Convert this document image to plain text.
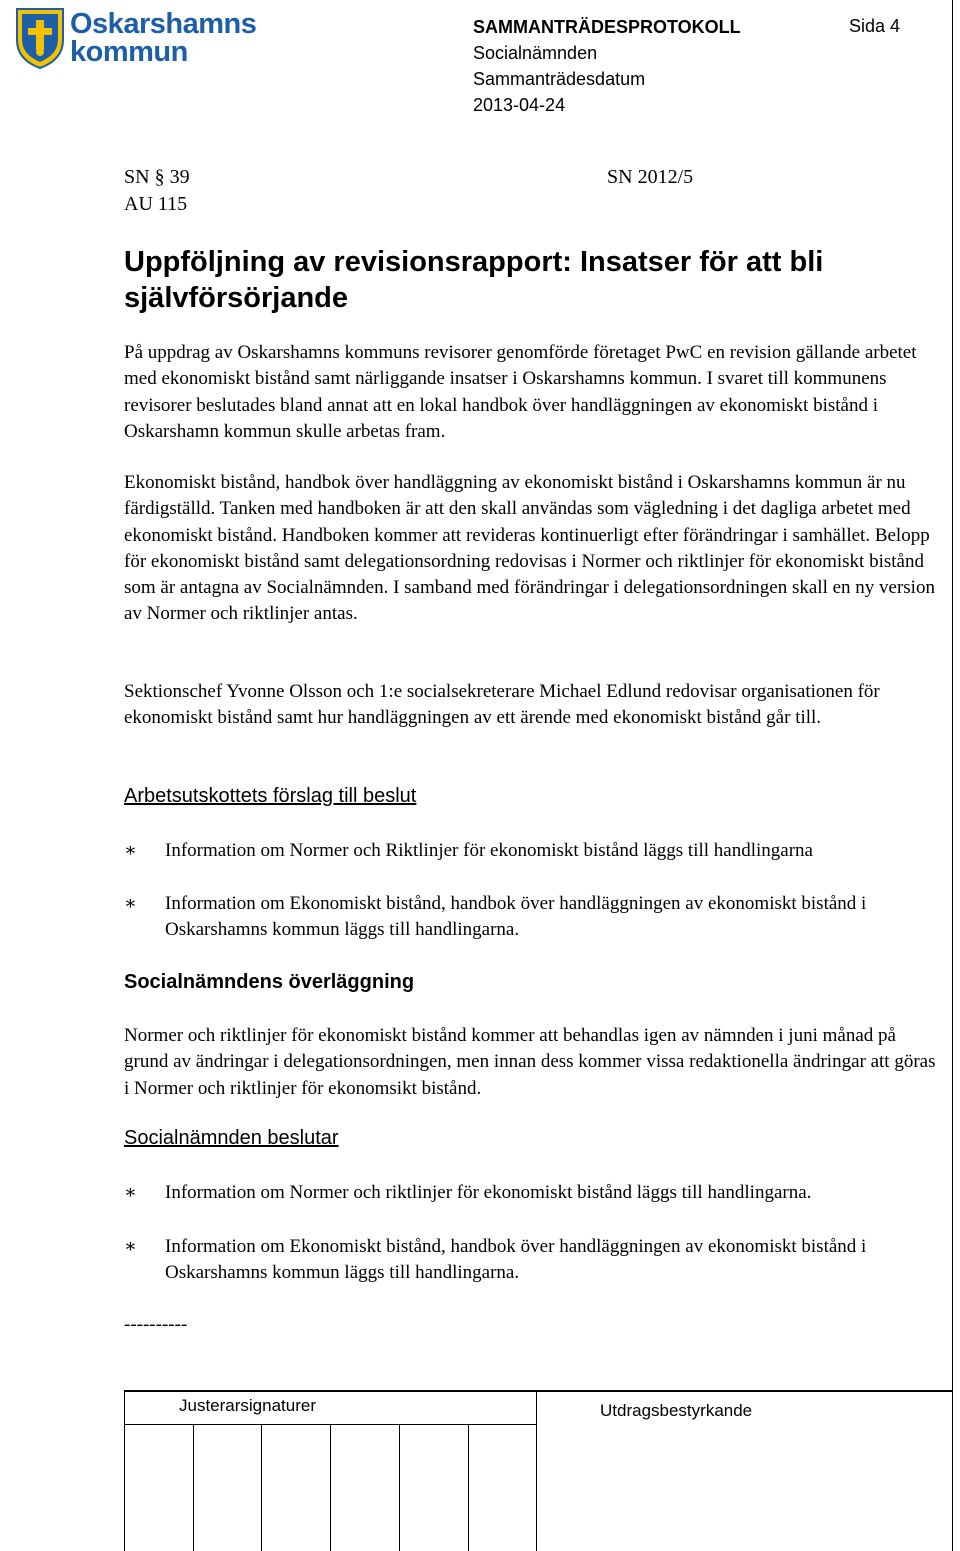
Oskarshamns
kommun
SAMMANTRÄDESPROTOKOLL
Socialnämnden
Sammanträdesdatum
2013-04-24
Sida 4
SN § 39
AU 115
SN 2012/5
Uppföljning av revisionsrapport: Insatser för att bli självförsörjande
På uppdrag av Oskarshamns kommuns revisorer genomförde företaget PwC en revision gällande arbetet med ekonomiskt bistånd samt närliggande insatser i Oskarshamns kommun. I svaret till kommunens revisorer beslutades bland annat att en lokal handbok över handläggningen av ekonomiskt bistånd i Oskarshamn kommun skulle arbetas fram.
Ekonomiskt bistånd, handbok över handläggning av ekonomiskt bistånd i Oskarshamns kommun är nu färdigställd. Tanken med handboken är att den skall användas som vägledning i det dagliga arbetet med ekonomiskt bistånd. Handboken kommer att revideras kontinuerligt efter förändringar i samhället. Belopp för ekonomiskt bistånd samt delegationsordning redovisas i Normer och riktlinjer för ekonomiskt bistånd som är antagna av Socialnämnden. I samband med förändringar i delegationsordningen skall en ny version av Normer och riktlinjer antas.
Sektionschef Yvonne Olsson och 1:e socialsekreterare Michael Edlund redovisar organisationen för ekonomiskt bistånd samt hur handläggningen av ett ärende med ekonomiskt bistånd går till.
Arbetsutskottets förslag till beslut
∗ Information om Normer och Riktlinjer för ekonomiskt bistånd läggs till handlingarna
∗ Information om Ekonomiskt bistånd, handbok över handläggningen av ekonomiskt bistånd i Oskarshamns kommun läggs till handlingarna.
Socialnämndens överläggning
Normer och riktlinjer för ekonomiskt bistånd kommer att behandlas igen av nämnden i juni månad på grund av ändringar i delegationsordningen, men innan dess kommer vissa redaktionella ändringar att göras i Normer och riktlinjer för ekonomsikt bistånd.
Socialnämnden beslutar
∗ Information om Normer och riktlinjer för ekonomiskt bistånd läggs till handlingarna.
∗ Information om Ekonomiskt bistånd, handbok över handläggningen av ekonomiskt bistånd i Oskarshamns kommun läggs till handlingarna.
----------
Justerarsignaturer	Utdragsbestyrkande
